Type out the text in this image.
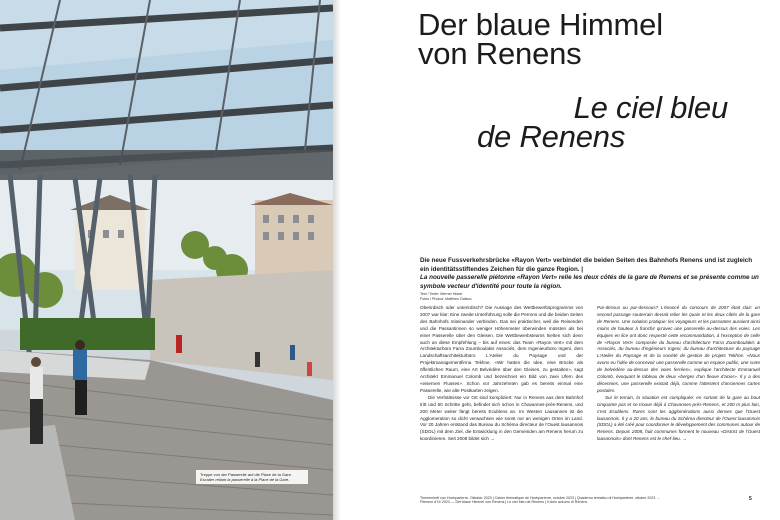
Treppe von der Passerelle auf die Place de la Gare.
Escalier reliant la passerelle à la Place de la Gare.
Der blaue Himmel
von Renens
Le ciel bleu
de Renens
Die neue Fussverkehrsbrücke «Rayon Vert» verbindet die beiden Seiten des Bahnhofs Renens und ist zugleich ein identitätsstiftendes Zeichen für die ganze Region. |
La nouvelle passerelle piétonne «Rayon Vert» relie les deux côtés de la gare de Renens et se présente comme un symbole vecteur d'identité pour toute la région.
Text / Texte: Werner Huber
Fotos / Photos: Matthieu Gafsou

Oberirdisch oder unterirdisch? Die Aussage des Wettbewerbsprogramms von 2007 war klar: Eine zweite Unterführung solle die Perrons und die beiden Seiten des Bahnhofs miteinander verbinden. Das sei praktischer, weil die Reisenden und die Passantinnen so weniger Höhenmeter überwinden müssten als bei einer Passerelle über den Gleisen. Die Wettbewerbsteams hielten sich denn auch an diese Empfehlung – bis auf eines: das Team «Rayon Vert» mit dem Architekturbüro Farra Zoumboulakis Associés, dem Ingenieurbüro Ingeni, dem Landschaftsarchitekturbüro L'Atelier du Paysage und der Projektmanagementfirma Tekhne. «Wir hatten die Idee, eine Brücke als öffentlichen Raum, eine Art Belvédère über den Gleisen, zu gestalten», sagt Architekt Emmanuel Colomb und bezeichnet ein Bild von zwei Ufern des «eisernen Flusses». Schon vor Jahrzehnten gab es bereits einmal eine Passerelle, wie alte Postkarten zeigen.

Die Verhältnisse vor Ort sind kompliziert: Nur in Renens aus dem Bahnhof tritt und 50 Schritte geht, befindet sich schon in Chavannes-près-Renens, und 200 Meter weiter fängt bereits Ecublens an. Im Westen Lausannes ist die Agglomeration so dicht verwachsen wie sonst nur an wenigen Orten im Land. Vor 20 Jahren entstand das Bureau du Schéma directeur de l'Ouest lausannois (SDOL) mit dem Ziel, die Entwicklung in den Gemeinden am Renens herum zu koordinieren. Seit 2008 bildet sich →

Par-dessus ou par-dessous? L'énoncé du concours de 2007 était clair: un second passage souterrain devrait relier les quais et les deux côtés de la gare de Renens. Une solution pratique: les voyageurs et les passantes auraient ainsi moins de hauteur à franchir qu'avec une passerelle au-dessus des voies. Les équipes en lice ont donc respecté cette recommandation, à l'exception de celle de «Rayon Vert» composée du bureau d'architecture Farra Zoumboulakis & Associés, du bureau d'ingénieurs Ingeni, du bureau d'architecture du paysage L'Atelier du Paysage et de la société de gestion de projets Tekhne. «Nous avons eu l'idée de concevoir une passerelle comme un espace public, une sorte de belvédère au-dessus des voies ferrées», explique l'architecte Emmanuel Colomb, évoquant le tableau de deux «berges d'un fleuve d'acier». Il y a des décennies, une passerelle existait déjà, comme l'attestent d'anciennes cartes postales.

Sur le terrain, la situation est compliquée: en sortant de la gare au bout cinquante pas et se trouve déjà à Chavannes-près-Renens, et 200 m plus loin, c'est Ecublens. Rares sont les agglomérations aussi denses que l'Ouest lausannois. Il y a 20 ans, le bureau du Schéma directeur de l'Ouest lausannois (SDOL) a été créé pour coordonner le développement des communes autour de Renens. Depuis 2008, huit communes forment le nouveau «District de l'Ouest lausannois» dont Renens est le chef-lieu. →

Themenheft von Hochparterre, Oktober 2023 | Cahier thématique de Hochparterre, octobre 2023 | Quaderno tematico di Hochparterre, ottobre 2023 →
Fiteneur d'Or 2023 — Der blaue Himmel von Renens | Le ciel bleu de Renens | Il cielo azzurro di Renens
5
